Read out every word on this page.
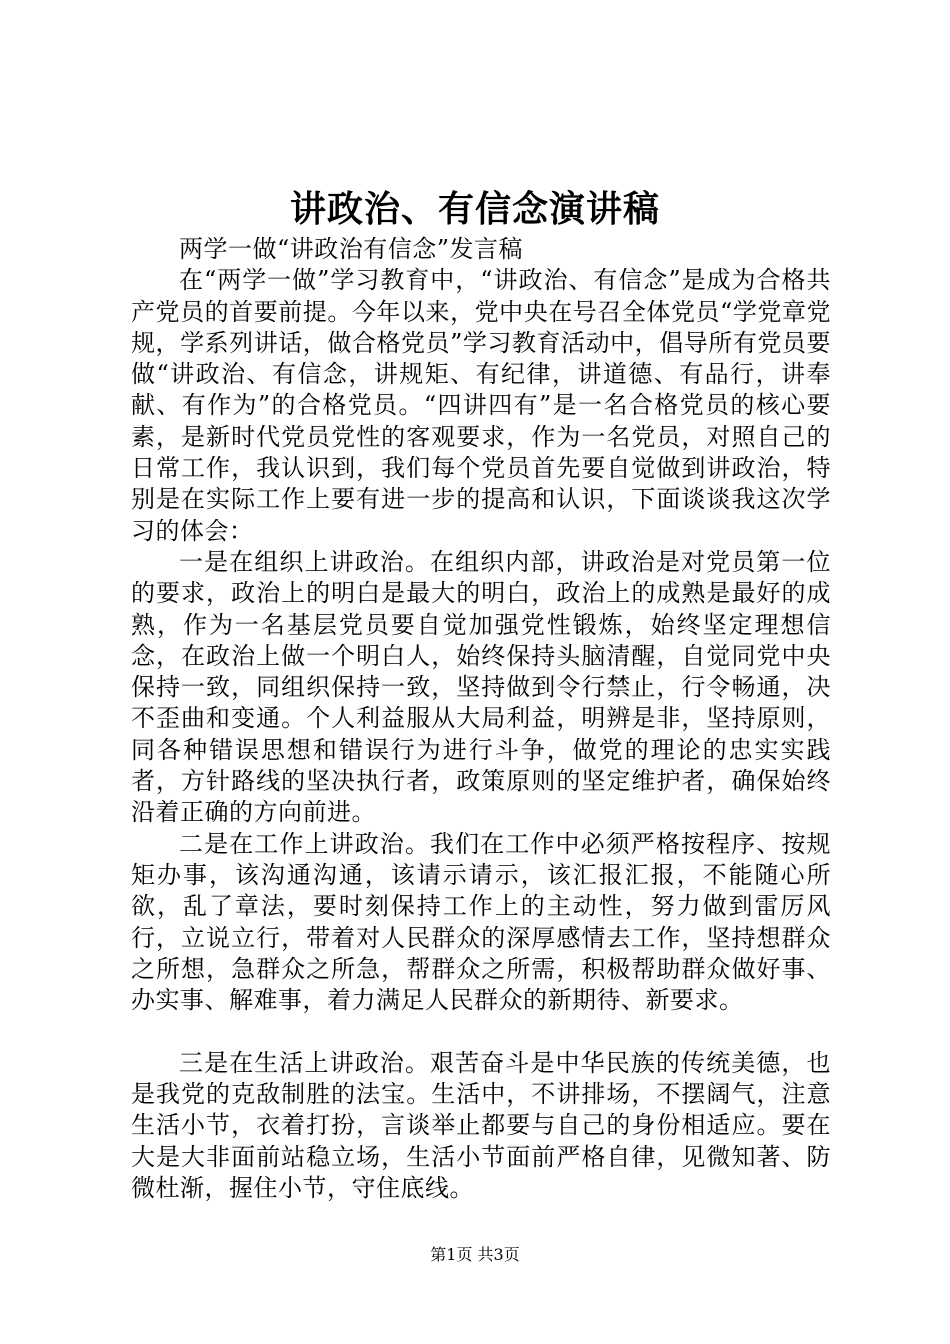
讲政治、有信念演讲稿

两学一做“讲政治有信念”发言稿

在“两学一做”学习教育中，“讲政治、有信念”是成为合格共产党员的首要前提。今年以来，党中央在号召全体党员“学党章党规，学系列讲话，做合格党员”学习教育活动中，倡导所有党员要做“讲政治、有信念，讲规矩、有纪律，讲道德、有品行，讲奉献、有作为”的合格党员。“四讲四有”是一名合格党员的核心要素，是新时代党员党性的客观要求，作为一名党员，对照自己的日常工作，我认识到，我们每个党员首先要自觉做到讲政治，特别是在实际工作上要有进一步的提高和认识，下面谈谈我这次学习的体会：

一是在组织上讲政治。在组织内部，讲政治是对党员第一位的要求，政治上的明白是最大的明白，政治上的成熟是最好的成熟，作为一名基层党员要自觉加强党性锻炼，始终坚定理想信念，在政治上做一个明白人，始终保持头脑清醒，自觉同党中央保持一致，同组织保持一致，坚持做到令行禁止，行令畅通，决不歪曲和变通。个人利益服从大局利益，明辨是非，坚持原则，同各种错误思想和错误行为进行斗争，做党的理论的忠实实践者，方针路线的坚决执行者，政策原则的坚定维护者，确保始终沿着正确的方向前进。

二是在工作上讲政治。我们在工作中必须严格按程序、按规矩办事，该沟通沟通，该请示请示，该汇报汇报，不能随心所欲，乱了章法，要时刻保持工作上的主动性，努力做到雷厉风行，立说立行，带着对人民群众的深厚感情去工作，坚持想群众之所想，急群众之所急，帮群众之所需，积极帮助群众做好事、办实事、解难事，着力满足人民群众的新期待、新要求。

三是在生活上讲政治。艰苦奋斗是中华民族的传统美德，也是我党的克敌制胜的法宝。生活中，不讲排场，不摆阔气，注意生活小节，衣着打扮，言谈举止都要与自己的身份相适应。要在大是大非面前站稳立场，生活小节面前严格自律，见微知著、防微杜渐，握住小节，守住底线。

第1页 共3页
